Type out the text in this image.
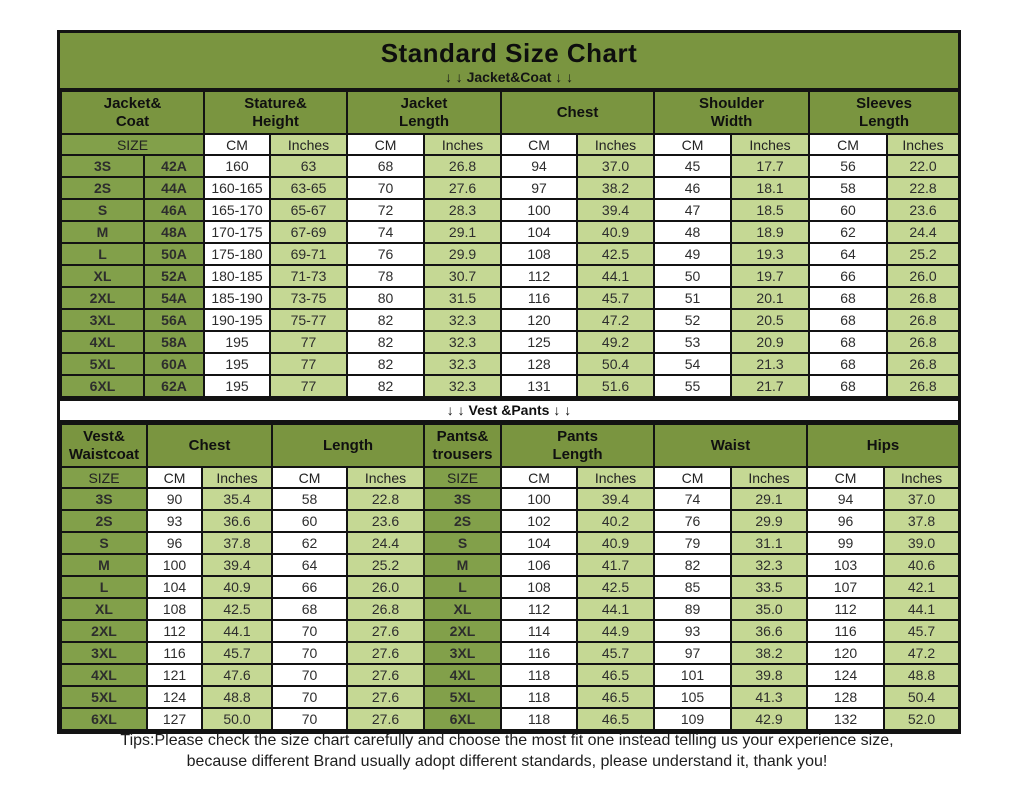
Standard Size Chart
↓ ↓ Jacket&Coat ↓ ↓
Jacket&
Coat

Stature&
Height

Jacket
Length

Chest

Shoulder
Width

Sleeves
Length

SIZE		CM	Inches	CM	Inches	CM	Inches	CM	Inches	CM	Inches
3S	42A	160	63	68	26.8	94	37.0	45	17.7	56	22.0
2S	44A	160-165	63-65	70	27.6	97	38.2	46	18.1	58	22.8
S	46A	165-170	65-67	72	28.3	100	39.4	47	18.5	60	23.6
M	48A	170-175	67-69	74	29.1	104	40.9	48	18.9	62	24.4
L	50A	175-180	69-71	76	29.9	108	42.5	49	19.3	64	25.2
XL	52A	180-185	71-73	78	30.7	112	44.1	50	19.7	66	26.0
2XL	54A	185-190	73-75	80	31.5	116	45.7	51	20.1	68	26.8
3XL	56A	190-195	75-77	82	32.3	120	47.2	52	20.5	68	26.8
4XL	58A	195	77	82	32.3	125	49.2	53	20.9	68	26.8
5XL	60A	195	77	82	32.3	128	50.4	54	21.3	68	26.8
6XL	62A	195	77	82	32.3	131	51.6	55	21.7	68	26.8
↓ ↓ Vest &Pants ↓ ↓
Vest&
Waistcoat

Chest	Length

Pants&
trousers

Pants
Length

Waist	Hips

SIZE	CM	Inches	CM	Inches	SIZE	CM	Inches	CM	Inches	CM	Inches
3S	90	35.4	58	22.8	3S	100	39.4	74	29.1	94	37.0
2S	93	36.6	60	23.6	2S	102	40.2	76	29.9	96	37.8
S	96	37.8	62	24.4	S	104	40.9	79	31.1	99	39.0
M	100	39.4	64	25.2	M	106	41.7	82	32.3	103	40.6
L	104	40.9	66	26.0	L	108	42.5	85	33.5	107	42.1
XL	108	42.5	68	26.8	XL	112	44.1	89	35.0	112	44.1
2XL	112	44.1	70	27.6	2XL	114	44.9	93	36.6	116	45.7
3XL	116	45.7	70	27.6	3XL	116	45.7	97	38.2	120	47.2
4XL	121	47.6	70	27.6	4XL	118	46.5	101	39.8	124	48.8
5XL	124	48.8	70	27.6	5XL	118	46.5	105	41.3	128	50.4
6XL	127	50.0	70	27.6	6XL	118	46.5	109	42.9	132	52.0
Tips:Please check the size chart carefully and choose the most fit one instead telling us your experience size,
because different Brand usually adopt different standards, please understand it, thank you!
